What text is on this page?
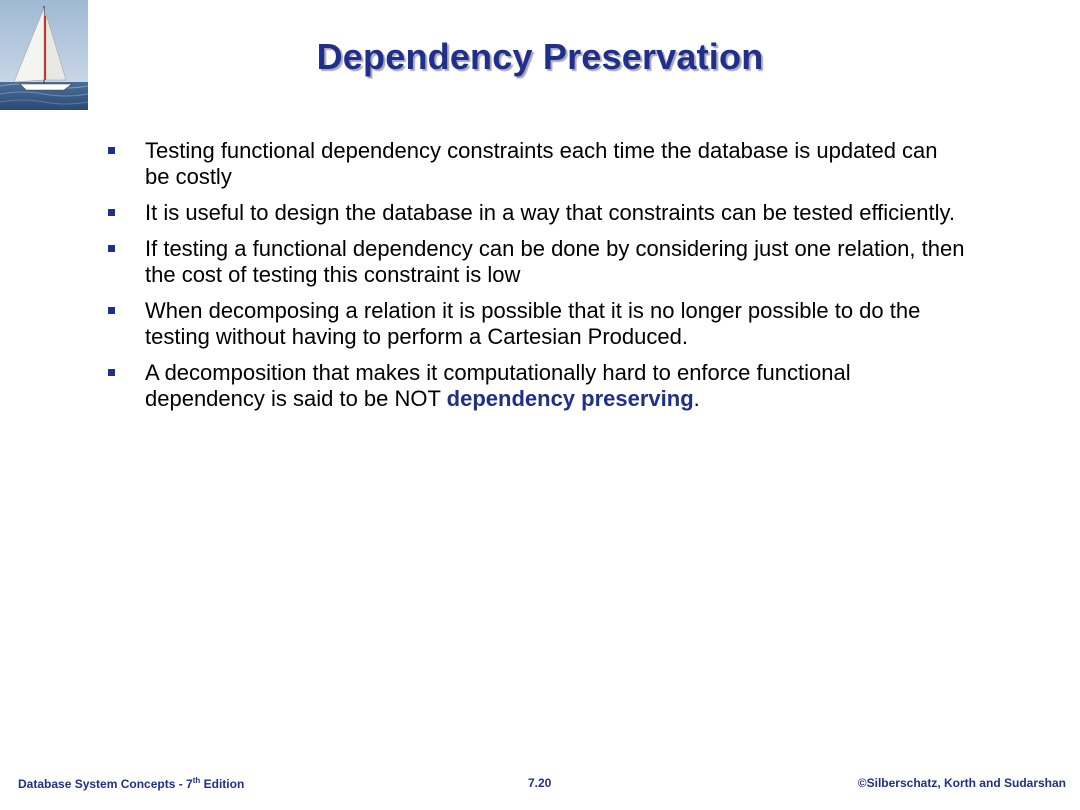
Dependency Preservation
Testing functional dependency constraints each time the database is updated can be costly
It is useful to design the database in a way that constraints can be tested efficiently.
If testing a functional dependency can be done by considering just one relation, then the cost of testing this constraint is low
When decomposing a relation it is possible that it is no longer possible to do the testing without having to perform a Cartesian Produced.
A decomposition that makes it computationally hard to enforce functional dependency is said to be NOT dependency preserving.
Database System Concepts - 7th Edition	7.20	©Silberschatz, Korth and Sudarshan
